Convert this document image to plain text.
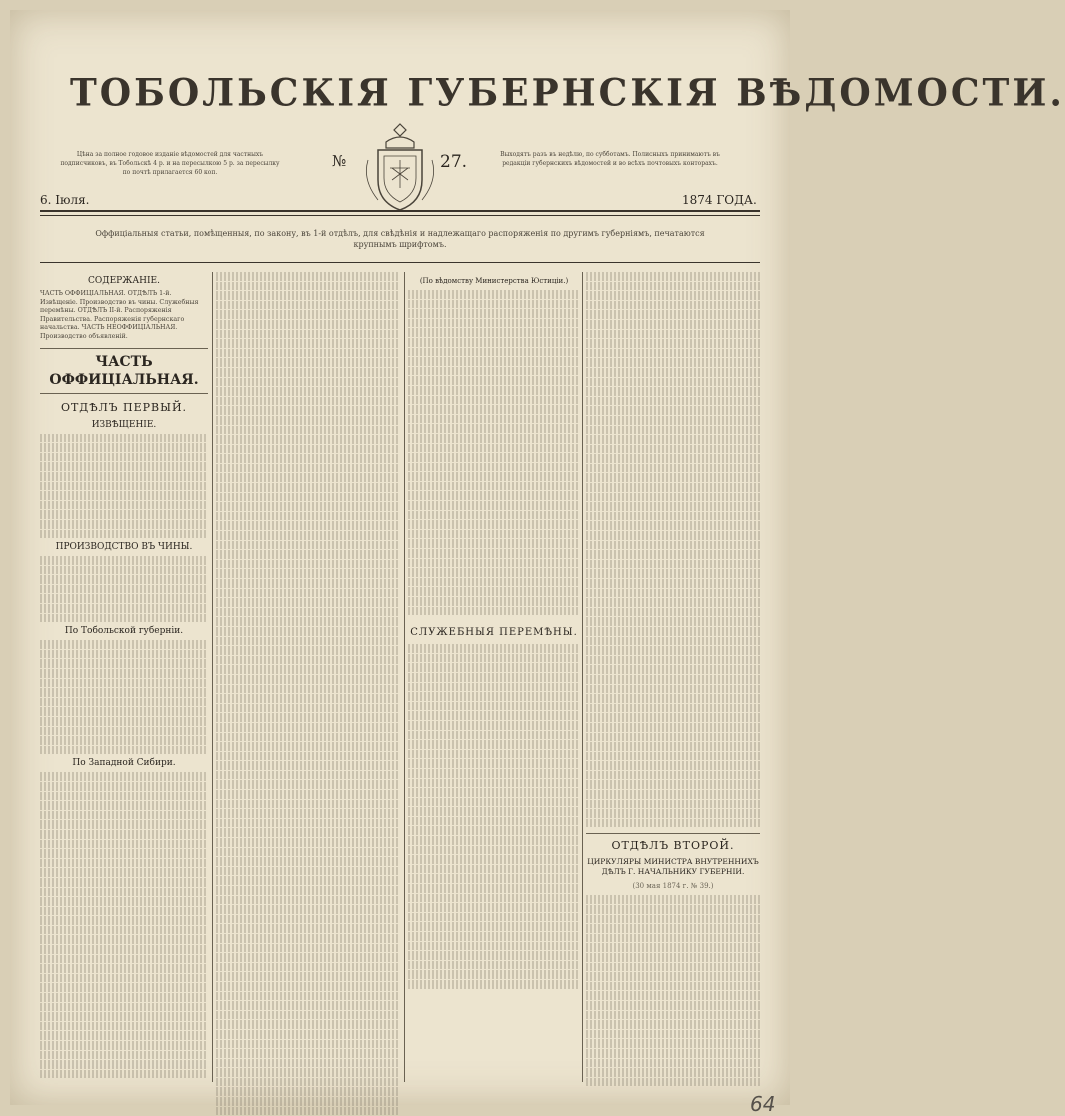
ТОБОЛЬСКІЯ ГУБЕРНСКІЯ ВѢДОМОСТИ.
Цѣна за полное годовое изданіе вѣдомостей для частныхъ подписчиковъ, въ Тобольскѣ 4 р. и на пересылкою 5 р. за пересылку по почтѣ прилагается 60 коп.
№	27.	Выходятъ разъ въ недѣлю, по субботамъ. Полисныхъ принимаютъ въ редакціи губернскихъ вѣдомостей и во всѣхъ почтовыхъ конторахъ.
6. Іюля.	1874 ГОДА.
Оффиціальныя статьи, помѣщенныя, по закону, въ 1-й отдѣлъ, для свѣдѣнія и надлежащаго распоряженія по другимъ губерніямъ, печатаются крупнымъ шрифтомъ.
СОДЕРЖАНІЕ.
ЧАСТЬ ОФФИЦІАЛЬНАЯ. ОТДѢЛЪ 1-й. Извѣщеніе. Производство въ чины. Служебныя перемѣны. ОТДѢЛЪ II-й. Распоряженія Правительства. Распоряженія губернскаго начальства. ЧАСТЬ НЕОФФИЦІАЛЬНАЯ. Производство объявленій.
ЧАСТЬ ОФФИЦІАЛЬНАЯ.
ОТДѢЛЪ ПЕРВЫЙ.
ИЗВѢЩЕНІЕ.
ПРОИЗВОДСТВО ВЪ ЧИНЫ.
По Тобольской губерніи.
По Западной Сибири.
(По вѣдомству Министерства Юстиціи.)
СЛУЖЕБНЫЯ ПЕРЕМѢНЫ.
ОТДѢЛЪ ВТОРОЙ.
ЦИРКУЛЯРЫ МИНИСТРА ВНУТРЕННИХЪ ДѢЛЪ Г. НАЧАЛЬНИКУ ГУБЕРНІИ.
(30 мая 1874 г. № 39.)
64
